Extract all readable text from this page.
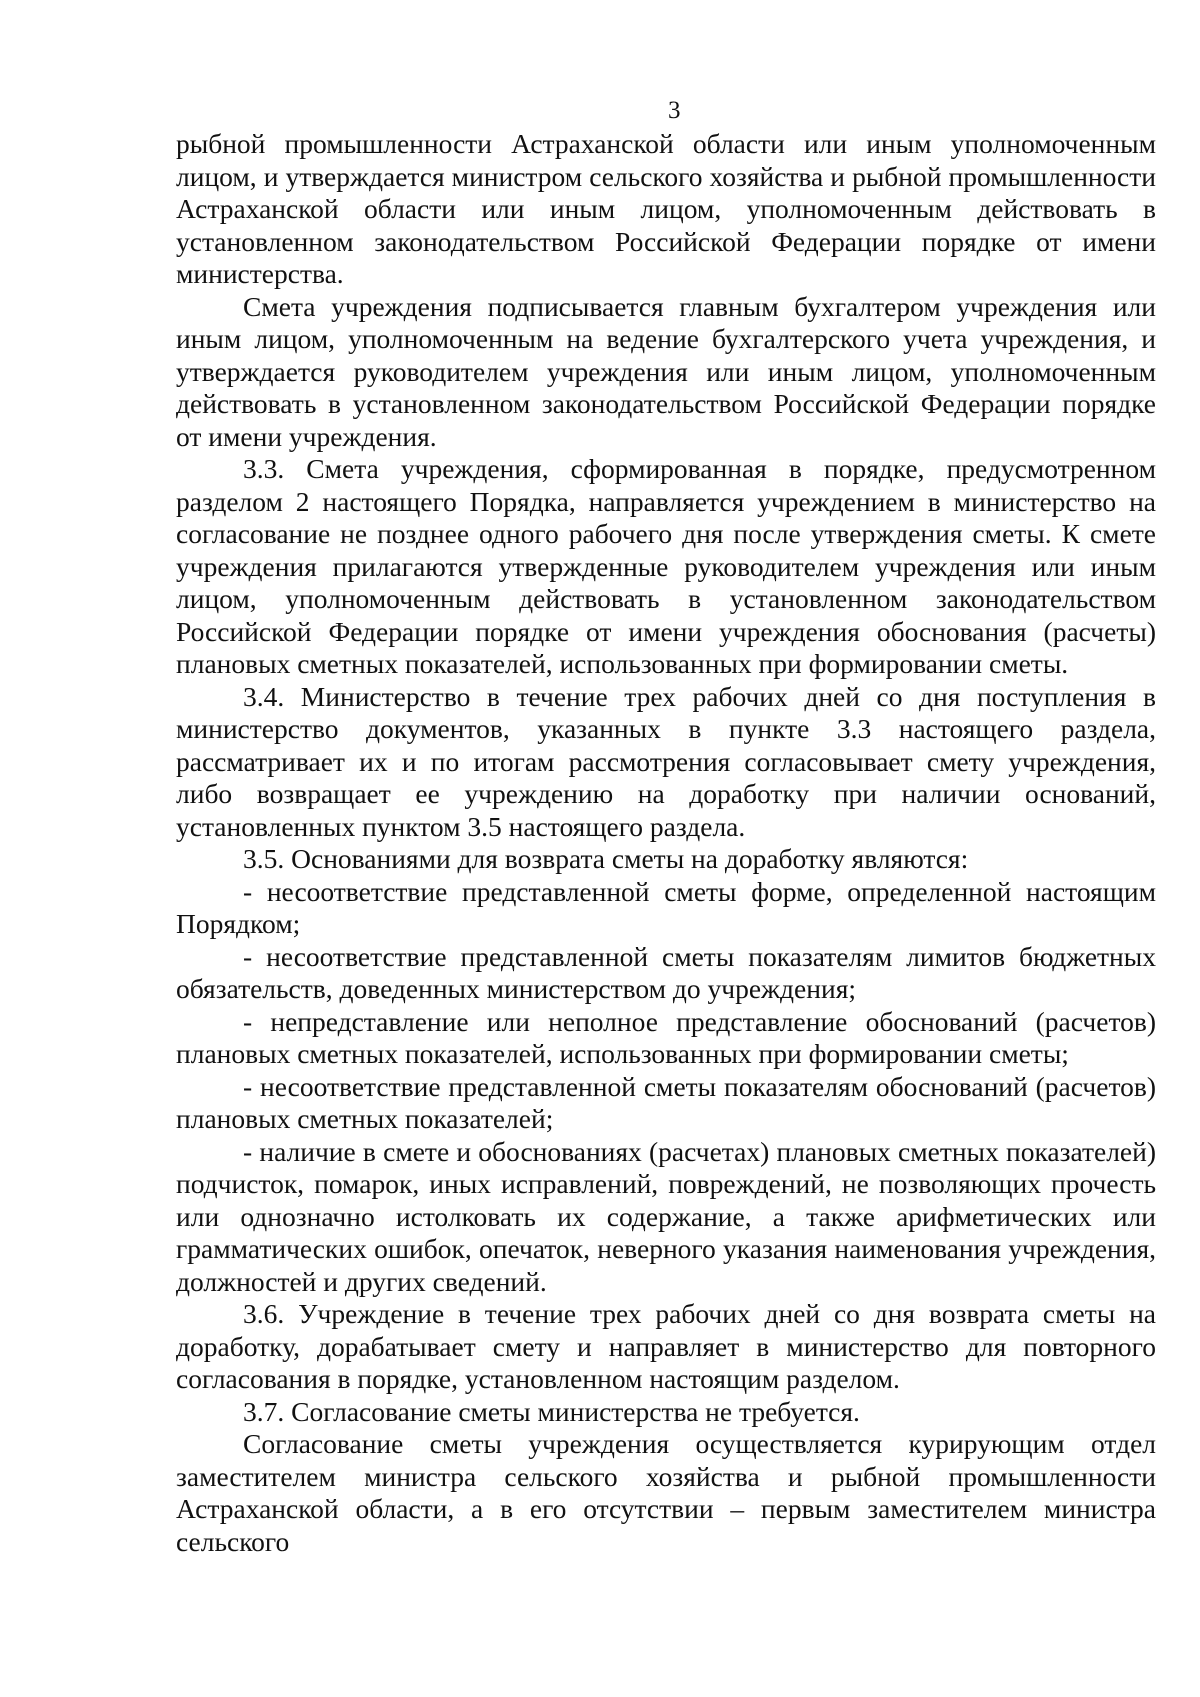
3

рыбной промышленности Астраханской области или иным уполномоченным лицом, и утверждается министром сельского хозяйства и рыбной промышленности Астраханской области или иным лицом, уполномоченным действовать в установленном законодательством Российской Федерации порядке от имени министерства.

Смета учреждения подписывается главным бухгалтером учреждения или иным лицом, уполномоченным на ведение бухгалтерского учета учреждения, и утверждается руководителем учреждения или иным лицом, уполномоченным действовать в установленном законодательством Российской Федерации порядке от имени учреждения.

3.3. Смета учреждения, сформированная в порядке, предусмотренном разделом 2 настоящего Порядка, направляется учреждением в министерство на согласование не позднее одного рабочего дня после утверждения сметы. К смете учреждения прилагаются утвержденные руководителем учреждения или иным лицом, уполномоченным действовать в установленном законодательством Российской Федерации порядке от имени учреждения обоснования (расчеты) плановых сметных показателей, использованных при формировании сметы.

3.4. Министерство в течение трех рабочих дней со дня поступления в министерство документов, указанных в пункте 3.3 настоящего раздела, рассматривает их и по итогам рассмотрения согласовывает смету учреждения, либо возвращает ее учреждению на доработку при наличии оснований, установленных пунктом 3.5 настоящего раздела.

3.5. Основаниями для возврата сметы на доработку являются:

- несоответствие представленной сметы форме, определенной настоящим Порядком;

- несоответствие представленной сметы показателям лимитов бюджетных обязательств, доведенных министерством до учреждения;

- непредставление или неполное представление обоснований (расчетов) плановых сметных показателей, использованных при формировании сметы;

- несоответствие представленной сметы показателям обоснований (расчетов) плановых сметных показателей;

- наличие в смете и обоснованиях (расчетах) плановых сметных показателей) подчисток, помарок, иных исправлений, повреждений, не позволяющих прочесть или однозначно истолковать их содержание, а также арифметических или грамматических ошибок, опечаток, неверного указания наименования учреждения, должностей и других сведений.

3.6. Учреждение в течение трех рабочих дней со дня возврата сметы на доработку, дорабатывает смету и направляет в министерство для повторного согласования в порядке, установленном настоящим разделом.

3.7. Согласование сметы министерства не требуется.

Согласование сметы учреждения осуществляется курирующим отдел заместителем министра сельского хозяйства и рыбной промышленности Астраханской области, а в его отсутствии – первым заместителем министра сельского
